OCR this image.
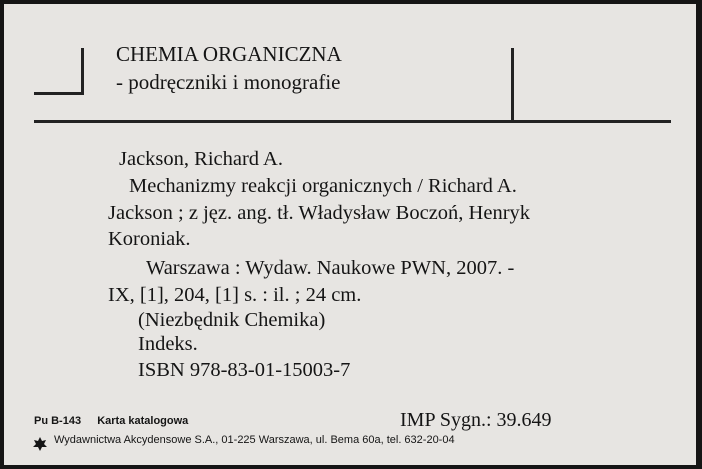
CHEMIA ORGANICZNA
- podręczniki i monografie
Jackson, Richard A.
Mechanizmy reakcji organicznych / Richard A.
Jackson ; z jęz. ang. tł. Władysław Boczoń, Henryk
Koroniak.
Warszawa : Wydaw. Naukowe PWN, 2007. -
IX, [1], 204, [1] s. : il. ; 24 cm.
(Niezbędnik Chemika)
Indeks.
ISBN 978-83-01-15003-7
Pu B-143 Karta katalogowa	IMP Sygn.: 39.649
Wydawnictwa Akcydensowe S.A., 01-225 Warszawa, ul. Bema 60a, tel. 632-20-04
